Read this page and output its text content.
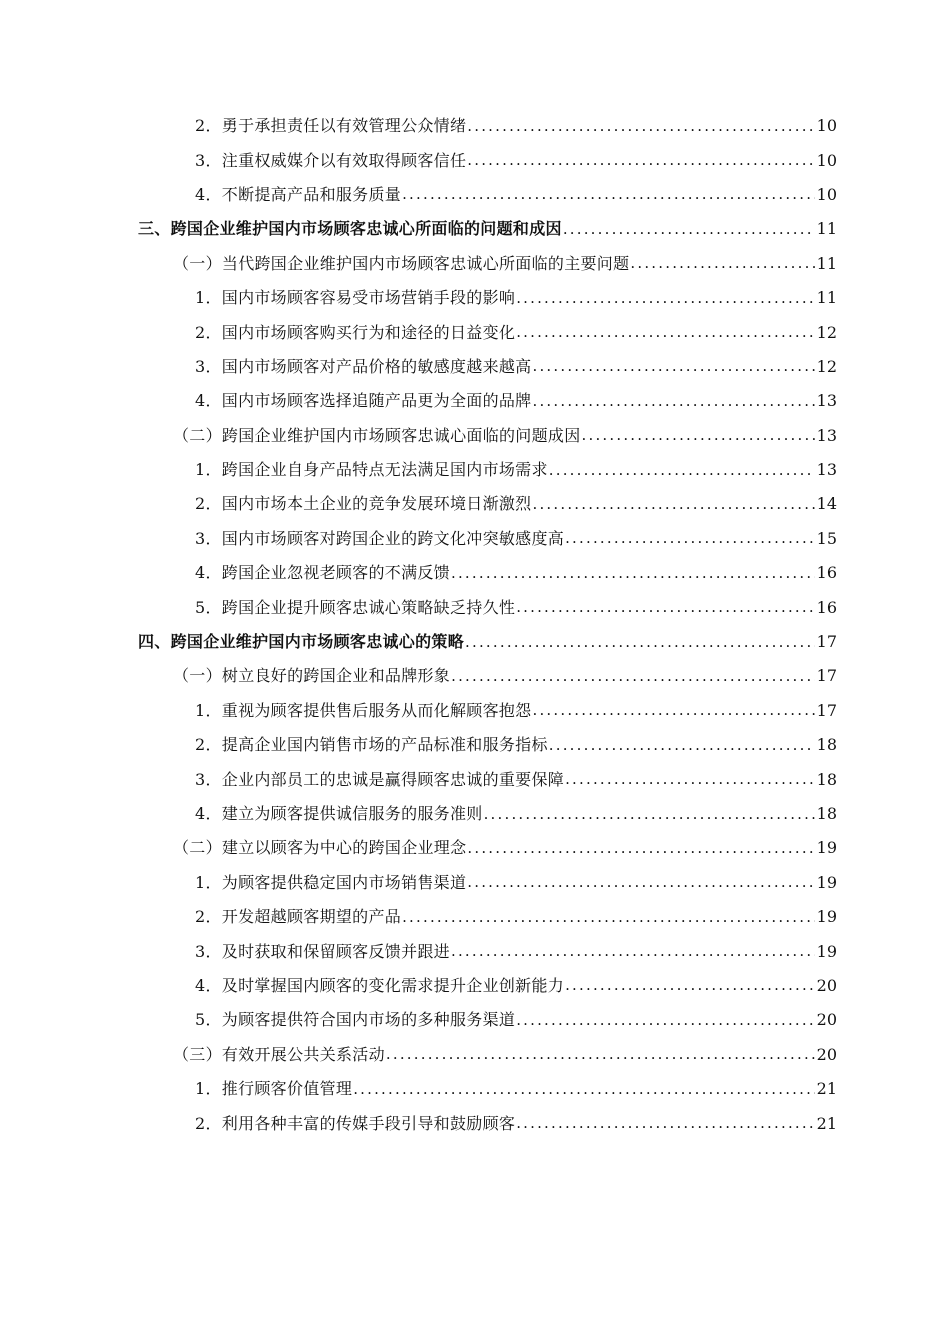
2．勇于承担责任以有效管理公众情绪 .....	10
3．注重权威媒介以有效取得顾客信任 .....	10
4．不断提高产品和服务质量 .....	10
三、跨国企业维护国内市场顾客忠诚心所面临的问题和成因 .....	11
（一）当代跨国企业维护国内市场顾客忠诚心所面临的主要问题 .....	11
1．国内市场顾客容易受市场营销手段的影响 .....	11
2．国内市场顾客购买行为和途径的日益变化 .....	12
3．国内市场顾客对产品价格的敏感度越来越高 .....	12
4．国内市场顾客选择追随产品更为全面的品牌 .....	13
（二）跨国企业维护国内市场顾客忠诚心面临的问题成因 .....	13
1．跨国企业自身产品特点无法满足国内市场需求 .....	13
2．国内市场本土企业的竞争发展环境日渐激烈 .....	14
3．国内市场顾客对跨国企业的跨文化冲突敏感度高 .....	15
4．跨国企业忽视老顾客的不满反馈 .....	16
5．跨国企业提升顾客忠诚心策略缺乏持久性 .....	16
四、跨国企业维护国内市场顾客忠诚心的策略 .....	17
（一）树立良好的跨国企业和品牌形象 .....	17
1．重视为顾客提供售后服务从而化解顾客抱怨 .....	17
2．提高企业国内销售市场的产品标准和服务指标 .....	18
3．企业内部员工的忠诚是赢得顾客忠诚的重要保障 .....	18
4．建立为顾客提供诚信服务的服务准则 .....	18
（二）建立以顾客为中心的跨国企业理念 .....	19
1．为顾客提供稳定国内市场销售渠道 .....	19
2．开发超越顾客期望的产品 .....	19
3．及时获取和保留顾客反馈并跟进 .....	19
4．及时掌握国内顾客的变化需求提升企业创新能力 .....	20
5．为顾客提供符合国内市场的多种服务渠道 .....	20
（三）有效开展公共关系活动 .....	20
1．推行顾客价值管理 .....	21
2．利用各种丰富的传媒手段引导和鼓励顾客 .....	21
